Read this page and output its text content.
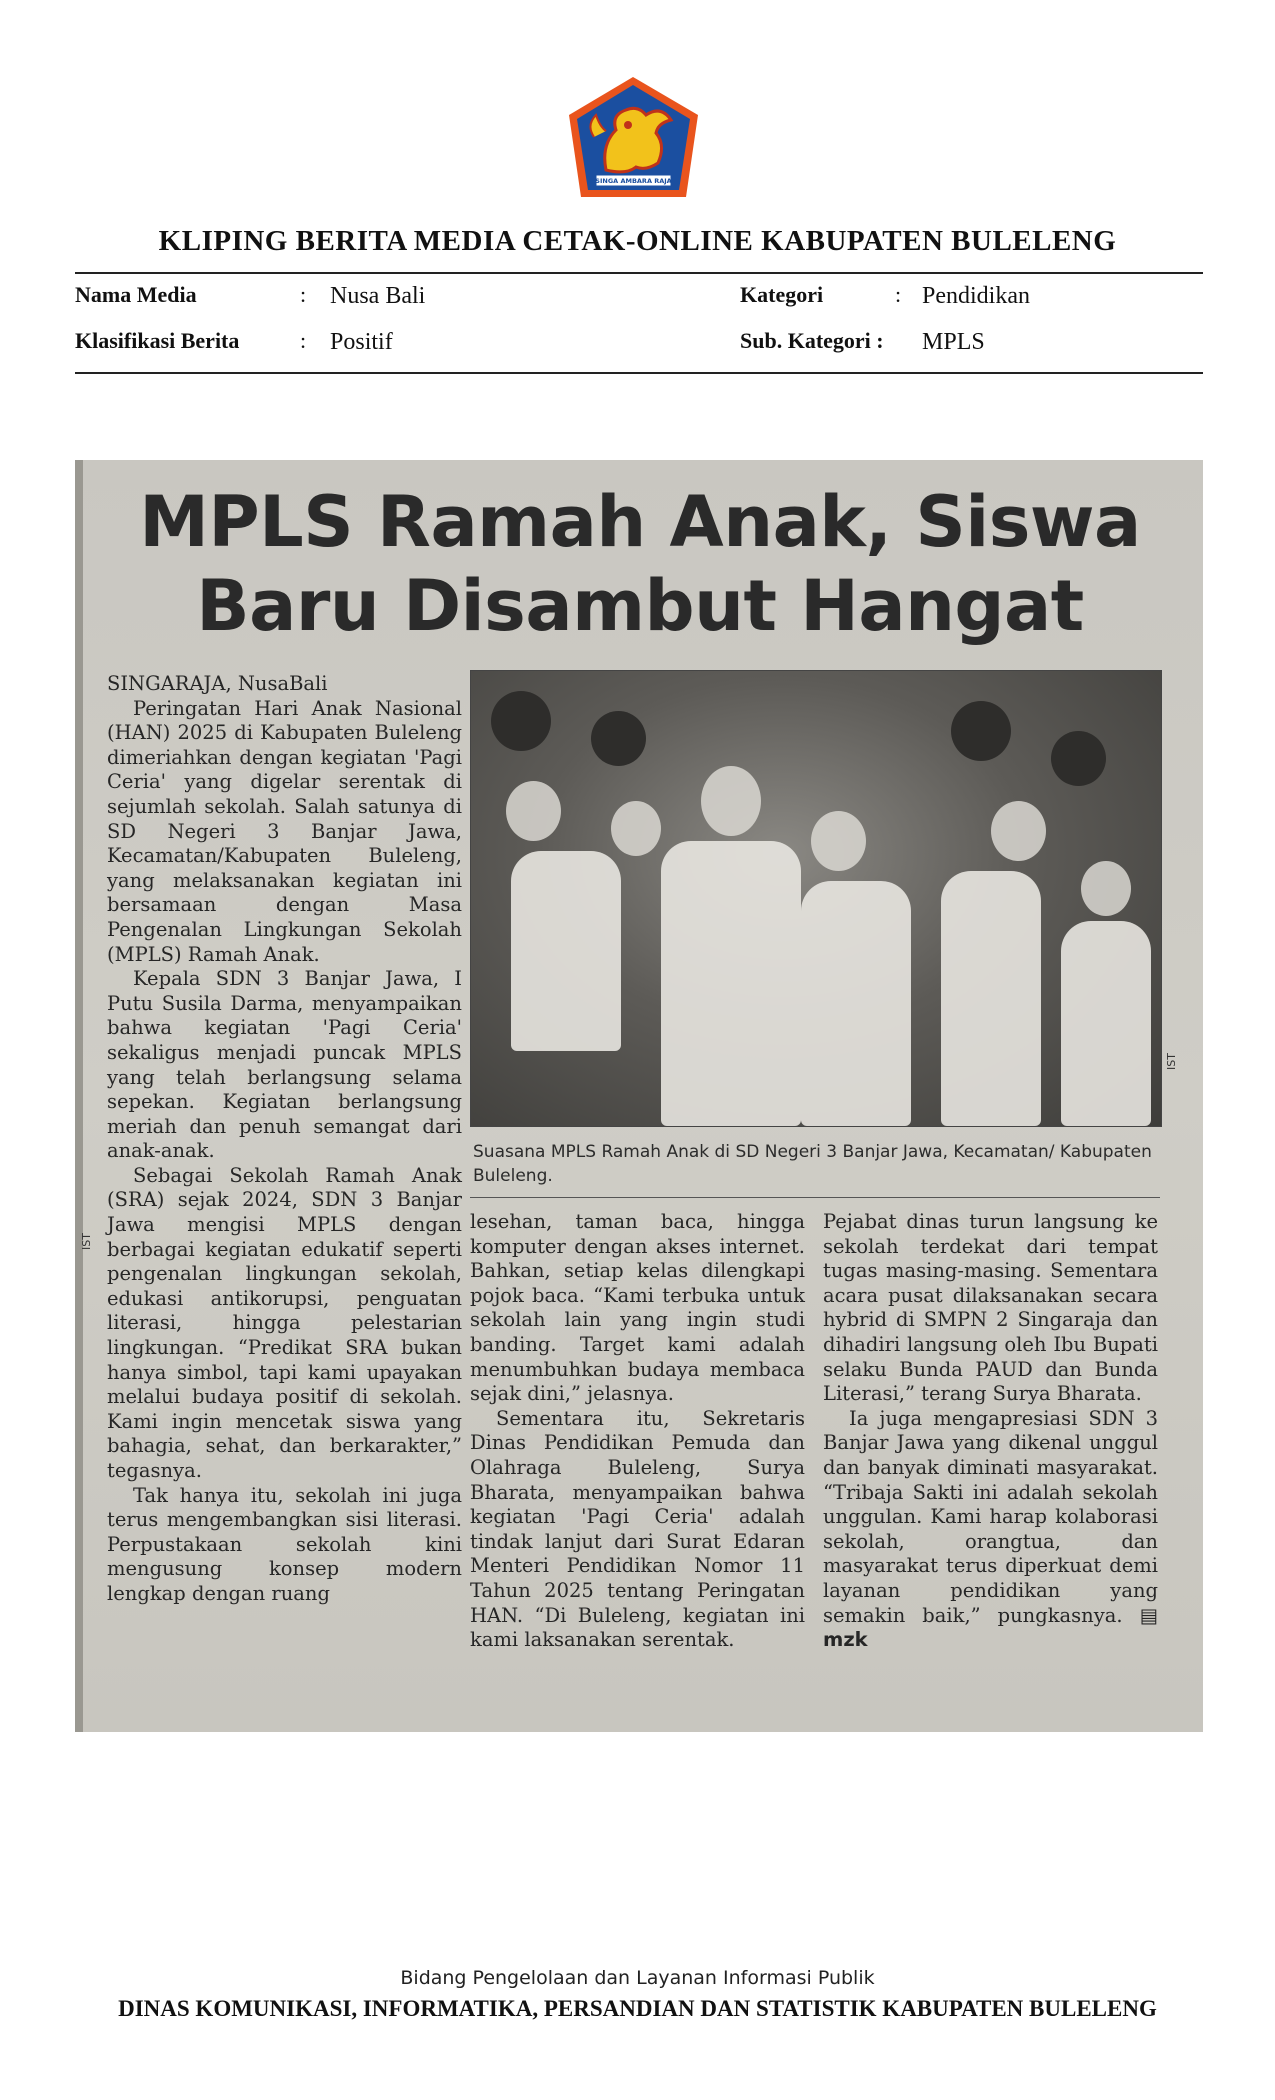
SINGA AMBARA RAJA
KLIPING BERITA MEDIA CETAK-ONLINE KABUPATEN BULELENG
Nama Media	: Nusa Bali	Kategori	: Pendidikan
Klasifikasi Berita	: Positif	Sub. Kategori : MPLS
MPLS Ramah Anak, Siswa
Baru Disambut Hangat

SINGARAJA, NusaBali

Peringatan Hari Anak Nasional (HAN) 2025 di Kabupaten Buleleng dimeriahkan dengan kegiatan 'Pagi Ceria' yang digelar serentak di sejumlah sekolah. Salah satunya di SD Negeri 3 Banjar Jawa, Kecamatan/Kabupaten Buleleng, yang melaksanakan kegiatan ini bersamaan dengan Masa Pengenalan Lingkungan Sekolah (MPLS) Ramah Anak.

Kepala SDN 3 Banjar Jawa, I Putu Susila Darma, menyampaikan bahwa kegiatan 'Pagi Ceria' sekaligus menjadi puncak MPLS yang telah berlangsung selama sepekan. Kegiatan berlangsung meriah dan penuh semangat dari anak-anak.

Sebagai Sekolah Ramah Anak (SRA) sejak 2024, SDN 3 Banjar Jawa mengisi MPLS dengan berbagai kegiatan edukatif seperti pengenalan lingkungan sekolah, edukasi antikorupsi, penguatan literasi, hingga pelestarian lingkungan. “Predikat SRA bukan hanya simbol, tapi kami upayakan melalui budaya positif di sekolah. Kami ingin mencetak siswa yang bahagia, sehat, dan berkarakter,” tegasnya.

Tak hanya itu, sekolah ini juga terus mengembangkan sisi literasi. Perpustakaan sekolah kini mengusung konsep modern lengkap dengan ruang

IST
Suasana MPLS Ramah Anak di SD Negeri 3 Banjar Jawa, Kecamatan/ Kabupaten Buleleng.
IST

lesehan, taman baca, hingga komputer dengan akses internet. Bahkan, setiap kelas dilengkapi pojok baca. “Kami terbuka untuk sekolah lain yang ingin studi banding. Target kami adalah menumbuhkan budaya membaca sejak dini,” jelasnya.

Sementara itu, Sekretaris Dinas Pendidikan Pemuda dan Olahraga Buleleng, Surya Bharata, menyampaikan bahwa kegiatan 'Pagi Ceria' adalah tindak lanjut dari Surat Edaran Menteri Pendidikan Nomor 11 Tahun 2025 tentang Peringatan HAN. “Di Buleleng, kegiatan ini kami laksanakan serentak.

Pejabat dinas turun langsung ke sekolah terdekat dari tempat tugas masing-masing. Sementara acara pusat dilaksanakan secara hybrid di SMPN 2 Singaraja dan dihadiri langsung oleh Ibu Bupati selaku Bunda PAUD dan Bunda Literasi,” terang Surya Bharata.

Ia juga mengapresiasi SDN 3 Banjar Jawa yang dikenal unggul dan banyak diminati masyarakat. “Tribaja Sakti ini adalah sekolah unggulan. Kami harap kolaborasi sekolah, orangtua, dan masyarakat terus diperkuat demi layanan pendidikan yang semakin baik,” pungkasnya. ▤ mzk

Bidang Pengelolaan dan Layanan Informasi Publik
DINAS KOMUNIKASI, INFORMATIKA, PERSANDIAN DAN STATISTIK KABUPATEN BULELENG
